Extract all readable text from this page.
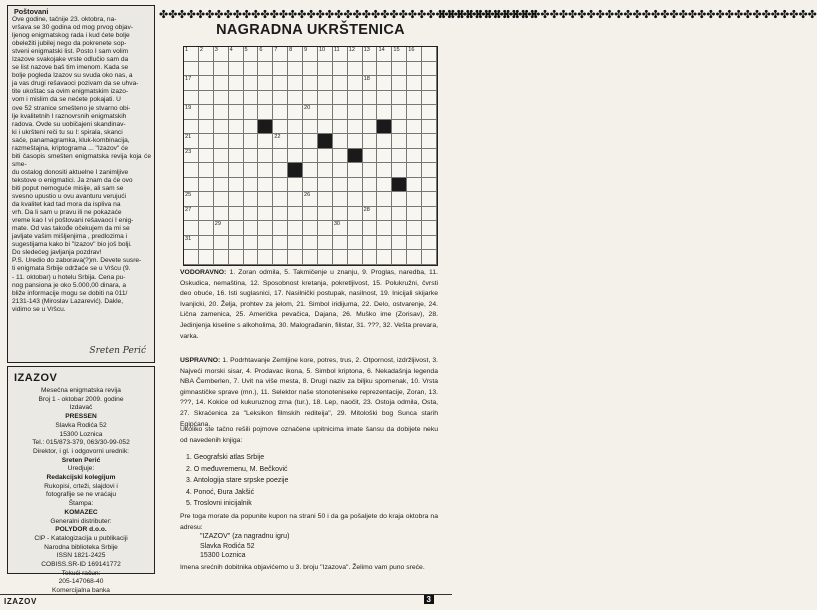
Poštovani
Ove godine, tačnije 23. oktobra, na-
vršava se 30 godina od mog prvog objav-
ljenog enigmatskog rada i kud ćete bolje
obeležiti jubilej nego da pokrenete sop-
stveni enigmatski list. Posto I sam volim
Izazove svakojake vrste odlučio sam da
se list nazove baš tim imenom. Kada se
bolje pogleda Izazov su svuda oko nas, a
ja vas drugi rešavaoci pozivam da se uhva-
tite ukoštac sa ovim enigmatskim izazo-
vom i mislim da se nećete pokajati. U
ove 52 stranice smešteno je stvarno obi-
lje kvalitetnih I raznovrsnih enigmatskih
radova. Ovde su uobičajeni skandinav-
ki i ukršteni reči tu su I: spirala, skanci
saće, panamagramka, kluk-kombinacija,
razmeštajna, kriptograma ... "Izazov" će
biti časopis smešten enigmatska revija koja će sme-
du ostalog donositi aktuelne I zanimljive
tekstove o enigmatici. Ja znam da će ovo
biti poput nemoguće misije, ali sam se
svesno upustio u ovu avanturu verujući
da kvalitet kad tad mora da isplivа na
vrh. Da li sam u pravu ili ne pokazaće
vreme kao I vi poštovani rešavaoci I enig-
mate. Od vas takođe očekujem da mi se
javljate vašim mišljenjima , predlozima i
sugestijama kako bi "Izazov" bio još bolji.
Do sledećeg javljanja pozdrav!
P.S. Uredio do zaborava(?)m. Devete susre-
ti enigmata Srbije održaće se u Vršcu (9.
- 11. oktobar) u hotelu Srbija. Cena pu-
nog pansiona je oko 5.000,00 dinara, a
bliže informacije mogu se dobiti na 011/
2131-143 (Miroslav Lazarević). Dakle,
vidimo se u Vršcu.
Sreten Perić
IZAZOV
Mesečna enigmatska revija
Broj 1 - oktobar 2009. godine
Izdavač
PRESSEN
Slavka Rodića 52
15300 Loznica
Tel.: 015/873-379, 063/30-99-052
Direktor, i gl. i odgovorni urednik:
Sreten Perić
Uredjuje:
Redakcijski kolegijum
Rukopisi, crteži, slajdovi i
fotografije se ne vraćaju
Štampa:
KOMAZEC
Generalni distributer:
POLYDOR d.o.o.
CIP - Katalogizacija u publikaciji
Narodna biblioteka Srbije
ISSN 1821-2425
COBISS.SR-ID 169141772
Tekući račun:
205-147068-40
Komercijalna banka
✤✤✤✤✤✤✤✤✤✤✤✤✤✤✤✤✤✤✤✤✤✤✤✤✤✤✤✤✤✤✤✤✤✤✤✤✤✤✤✤✤
✤✤✤✤✤✤✤✤✤✤✤✤✤✤✤✤✤✤✤✤✤✤✤✤✤✤✤✤✤✤✤✤✤✤✤✤✤✤✤✤✤
NAGRADNA UKRŠTENICA
1 2 3 4 5 6 7 8 9 10 11 12 13 14 15 16
17	18
19	20
21	22
23
24
25	26
27	28
29	30
31
VODORAVNO: 1. Zoran odmila, 5. Takmičenje u znanju, 9. Proglas, naredba, 11. Oskudica, nemaština, 12. Sposobnost kretanja, pokretljivost, 15. Polukružni, čvrsti deo obuće, 16. Isti suglasnici, 17. Nasilnički postupak, nasilnost, 19. Inicijali skijarke Ivanjicki, 20. Želja, prohtev za jelom, 21. Simbol iridijuma, 22. Delo, ostvarenje, 24. Lična zamenica, 25. Američka pevačica, Dajana, 26. Muško ime (Zorisav), 28. Jedinjenja kiseline s alkoholima, 30. Malograđanin, filistar, 31. ???, 32. Vešta prevara, varka.
USPRAVNO: 1. Podrhtavanje Zemljine kore, potres, trus, 2. Otpornost, izdržljivost, 3. Najveći morski sisar, 4. Prodavac ikona, 5. Simbol kriptona, 6. Nekadašnja legenda NBA Čemberlen, 7. Uvit na više mesta, 8. Drugi naziv za biljku spomenak, 10. Vrsta gimnastičke sprave (mn.), 11. Selektor naše stonoteniseke reprezentacije, Zoran, 13. ???, 14. Kokice od kukuruznog zrna (tur.), 18. Lep, naočit, 23. Ostoja odmila, Osta, 27. Skraćenica za "Leksikon filmskih rediteija", 29. Mitološki bog Sunca starih Egipćana.
Ukoliko ste tačno rešili pojmove označene upitnicima imate šansu da dobijete neku od navedenih knjiga:
1. Geografski atlas Srbije
2. O međuvremenu, M. Bečković
3. Antologija stare srpske poezije
4. Ponoć, Đura Jakšić
5. Troslovni inicijalnik
Pre toga morate da popunite kupon na strani 50 i da ga pošaljete do kraja oktobra na adresu:
"IZAZOV" (za nagradnu igru)
Slavka Rodića 52
15300 Loznica
Imena srećnih dobitnika objavićemo u 3. broju "Izazova". Želimo vam puno sreće.
IZAZOV	3
